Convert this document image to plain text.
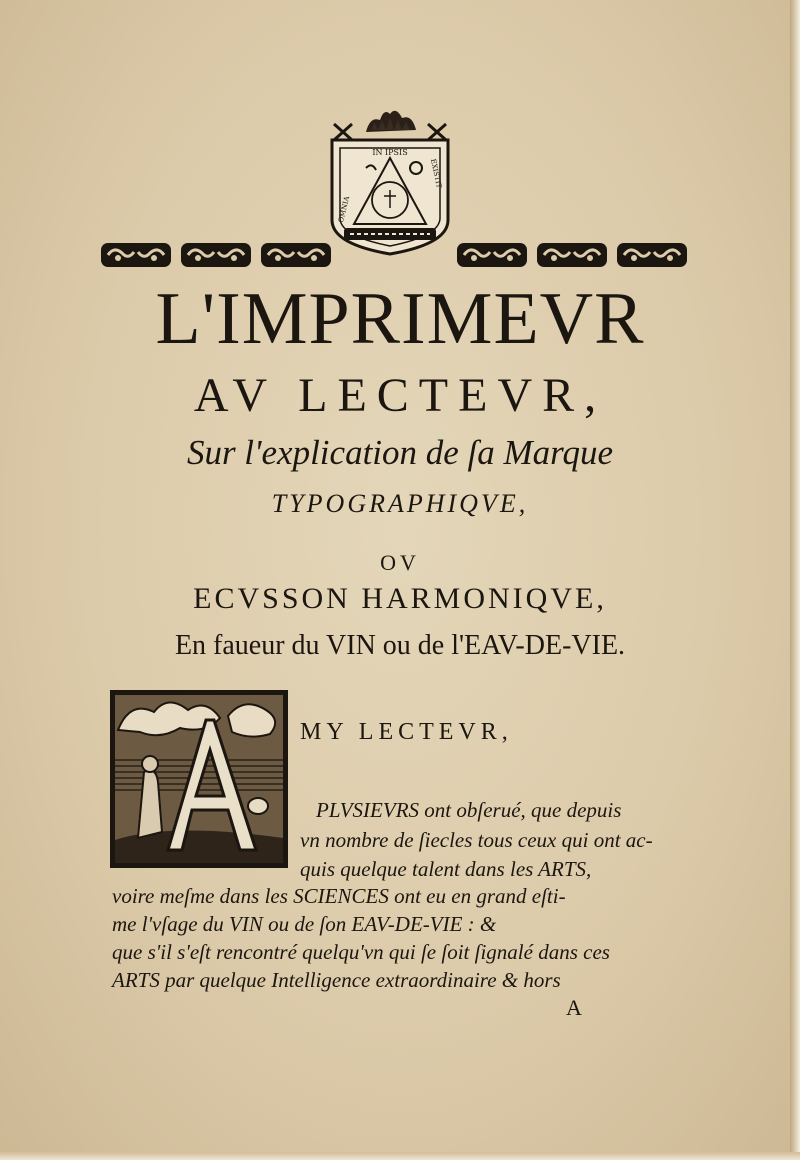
IN IPSIS
OMNIA
EXISTIT
L'IMPRIMEVR
AV LECTEVR,
Sur l'explication de ſa Marque
TYPOGRAPHIQVE,
OV
ECVSSON HARMONIQVE,
En faueur du VIN ou de l'EAV-DE-VIE.
MY LECTEVR,
PLVSIEVRS ont obſerué, que depuis
vn nombre de ſiecles tous ceux qui ont ac-
quis quelque talent dans les ARTS,
voire meſme dans les SCIENCES ont eu en grand eſti-
me l'vſage du VIN ou de ſon EAV-DE-VIE : &
que s'il s'eſt rencontré quelqu'vn qui ſe ſoit ſignalé dans ces
ARTS par quelque Intelligence extraordinaire & hors
A
